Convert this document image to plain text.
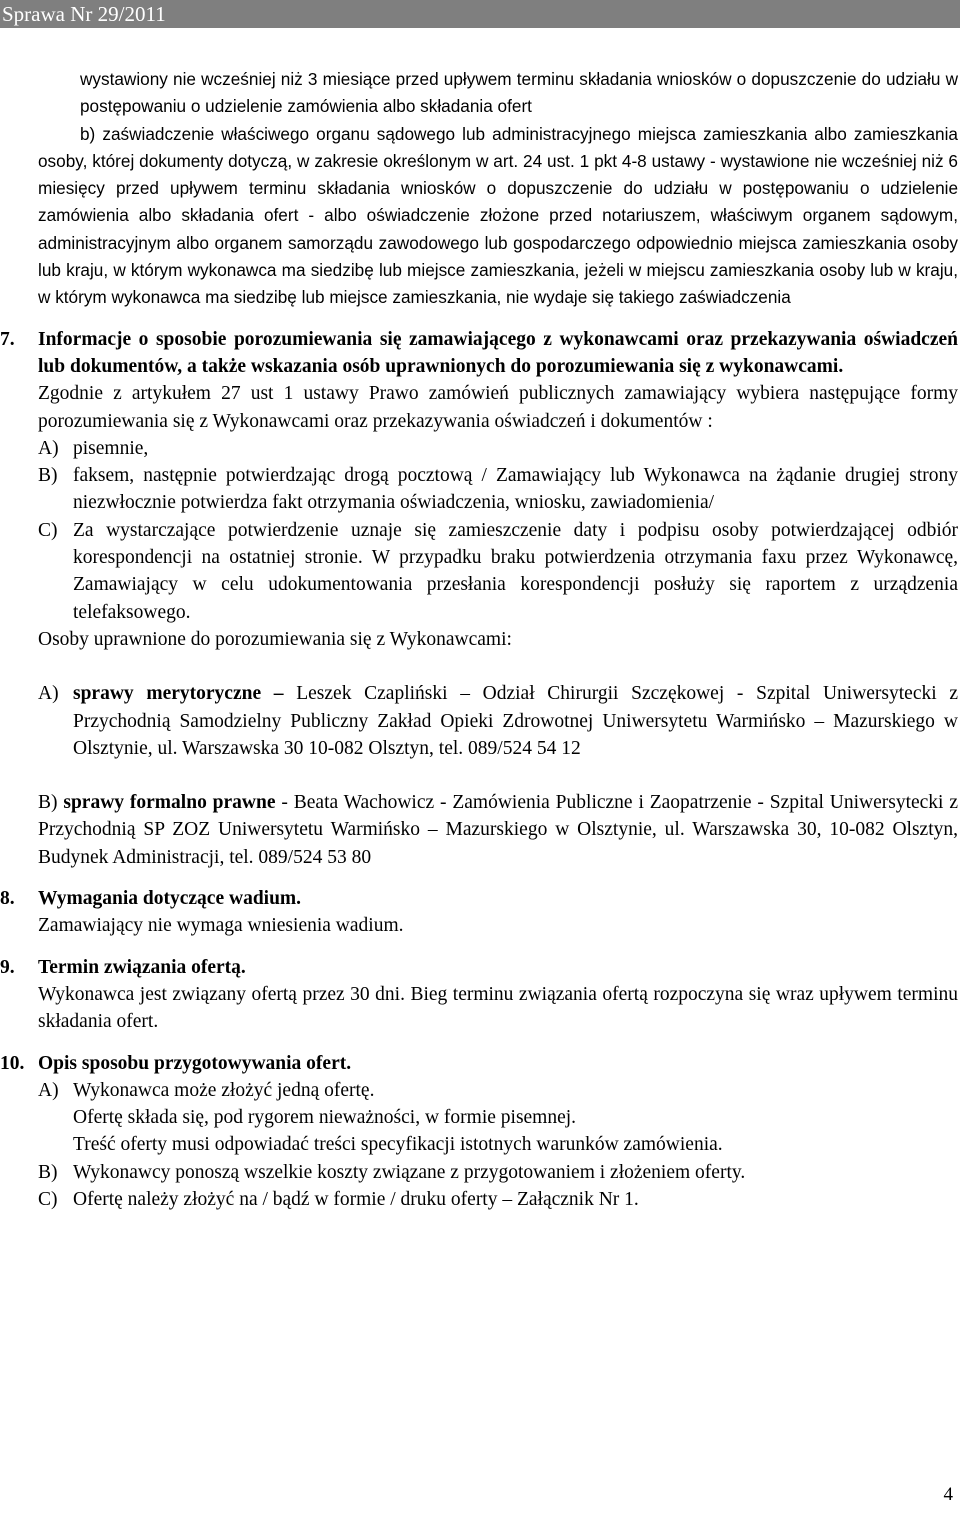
Sprawa Nr 29/2011

wystawiony nie wcześniej niż 3 miesiące przed upływem terminu składania wniosków o dopuszczenie do udziału w postępowaniu o udzielenie zamówienia albo składania ofert

b) zaświadczenie właściwego organu sądowego lub administracyjnego miejsca zamieszkania albo zamieszkania osoby, której dokumenty dotyczą, w zakresie określonym w art. 24 ust. 1 pkt 4-8 ustawy - wystawione nie wcześniej niż 6 miesięcy przed upływem terminu składania wniosków o dopuszczenie do udziału w postępowaniu o udzielenie zamówienia albo składania ofert - albo oświadczenie złożone przed notariuszem, właściwym organem sądowym, administracyjnym albo organem samorządu zawodowego lub gospodarczego odpowiednio miejsca zamieszkania osoby lub kraju, w którym wykonawca ma siedzibę lub miejsce zamieszkania, jeżeli w miejscu zamieszkania osoby lub w kraju, w którym wykonawca ma siedzibę lub miejsce zamieszkania, nie wydaje się takiego zaświadczenia

7. Informacje o sposobie porozumiewania się zamawiającego z wykonawcami oraz przekazywania oświadczeń lub dokumentów, a także wskazania osób uprawnionych do porozumiewania się z wykonawcami.

Zgodnie z artykułem 27 ust 1 ustawy Prawo zamówień publicznych zamawiający wybiera następujące formy porozumiewania się z Wykonawcami oraz przekazywania oświadczeń i dokumentów :

A) pisemnie,
B) faksem, następnie potwierdzając drogą pocztową / Zamawiający lub Wykonawca na żądanie drugiej strony niezwłocznie potwierdza fakt otrzymania oświadczenia, wniosku, zawiadomienia/
C) Za wystarczające potwierdzenie uznaje się zamieszczenie daty i podpisu osoby potwierdzającej odbiór korespondencji na ostatniej stronie. W przypadku braku potwierdzenia otrzymania faxu przez Wykonawcę, Zamawiający w celu udokumentowania przesłania korespondencji posłuży się raportem z urządzenia telefaksowego.

Osoby uprawnione do porozumiewania się z Wykonawcami:

A) sprawy merytoryczne – Leszek Czapliński – Odział Chirurgii Szczękowej - Szpital Uniwersytecki z Przychodnią Samodzielny Publiczny Zakład Opieki Zdrowotnej Uniwersytetu Warmińsko – Mazurskiego w Olsztynie, ul. Warszawska 30 10-082 Olsztyn, tel. 089/524 54 12

B) sprawy formalno prawne - Beata Wachowicz - Zamówienia Publiczne i Zaopatrzenie - Szpital Uniwersytecki z Przychodnią SP ZOZ Uniwersytetu Warmińsko – Mazurskiego w Olsztynie, ul. Warszawska 30, 10-082 Olsztyn, Budynek Administracji, tel. 089/524 53 80

8. Wymagania dotyczące wadium.

Zamawiający nie wymaga wniesienia wadium.

9. Termin związania ofertą.

Wykonawca jest związany ofertą przez 30 dni. Bieg terminu związania ofertą rozpoczyna się wraz upływem terminu składania ofert.

10. Opis sposobu przygotowywania ofert.

A) Wykonawca może złożyć jedną ofertę.

Ofertę składa się, pod rygorem nieważności, w formie pisemnej.

Treść oferty musi odpowiadać treści specyfikacji istotnych warunków zamówienia.

B) Wykonawcy ponoszą wszelkie koszty związane z przygotowaniem i złożeniem oferty.
C) Ofertę należy złożyć na / bądź w formie / druku oferty – Załącznik Nr 1.
4
